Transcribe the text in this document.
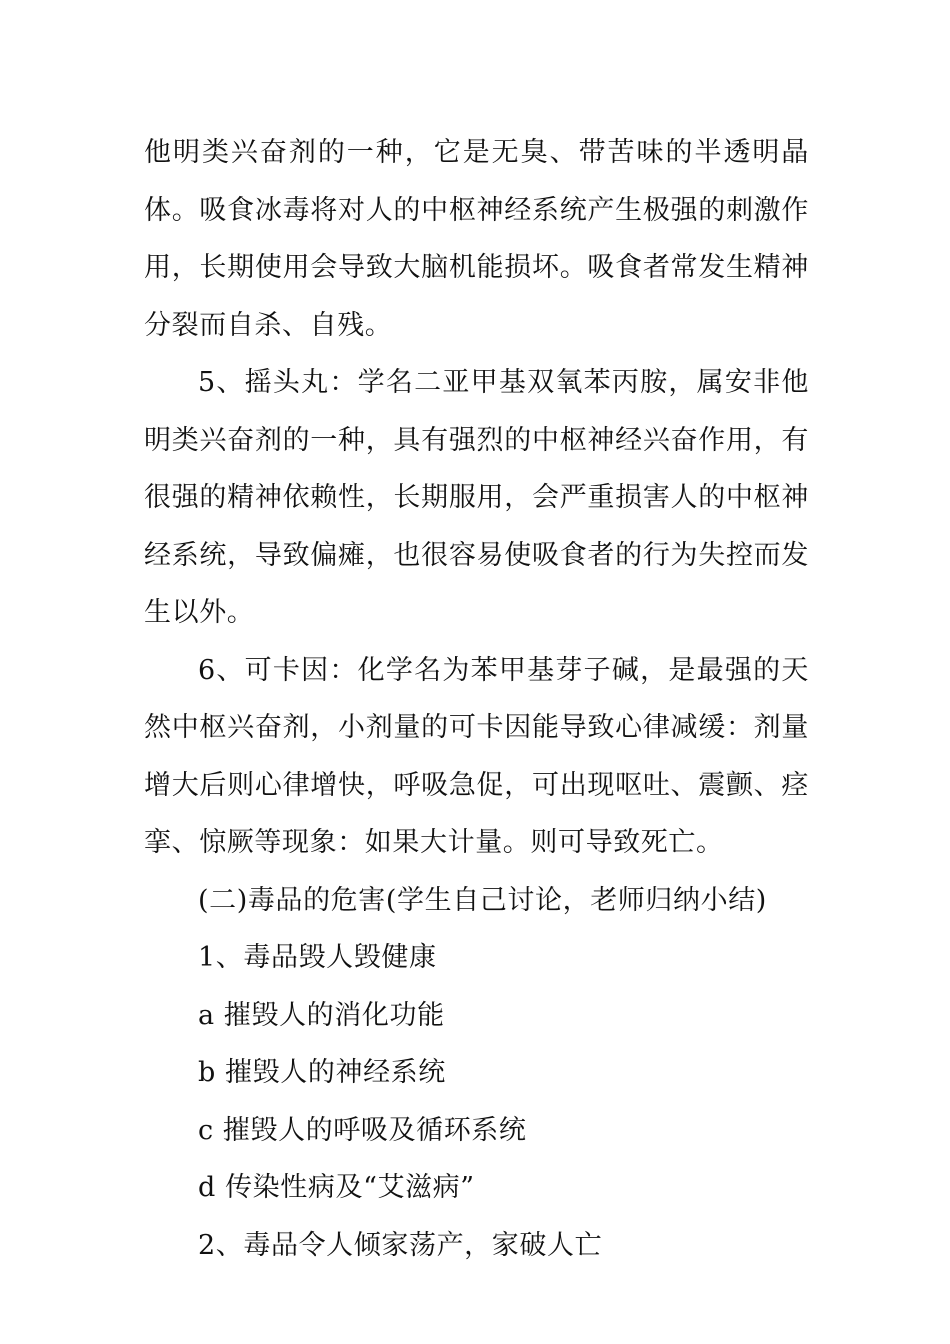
他明类兴奋剂的一种，它是无臭、带苦味的半透明晶体。吸食冰毒将对人的中枢神经系统产生极强的刺激作用，长期使用会导致大脑机能损坏。吸食者常发生精神分裂而自杀、自残。

5、摇头丸：学名二亚甲基双氧苯丙胺，属安非他明类兴奋剂的一种，具有强烈的中枢神经兴奋作用，有很强的精神依赖性，长期服用，会严重损害人的中枢神经系统，导致偏瘫，也很容易使吸食者的行为失控而发生以外。

6、可卡因：化学名为苯甲基芽子碱，是最强的天然中枢兴奋剂，小剂量的可卡因能导致心律减缓：剂量增大后则心律增快，呼吸急促，可出现呕吐、震颤、痉挛、惊厥等现象：如果大计量。则可导致死亡。

(二)毒品的危害(学生自己讨论，老师归纳小结)

1、毒品毁人毁健康

a 摧毁人的消化功能

b 摧毁人的神经系统

c 摧毁人的呼吸及循环系统

d 传染性病及“艾滋病”

2、毒品令人倾家荡产，家破人亡
